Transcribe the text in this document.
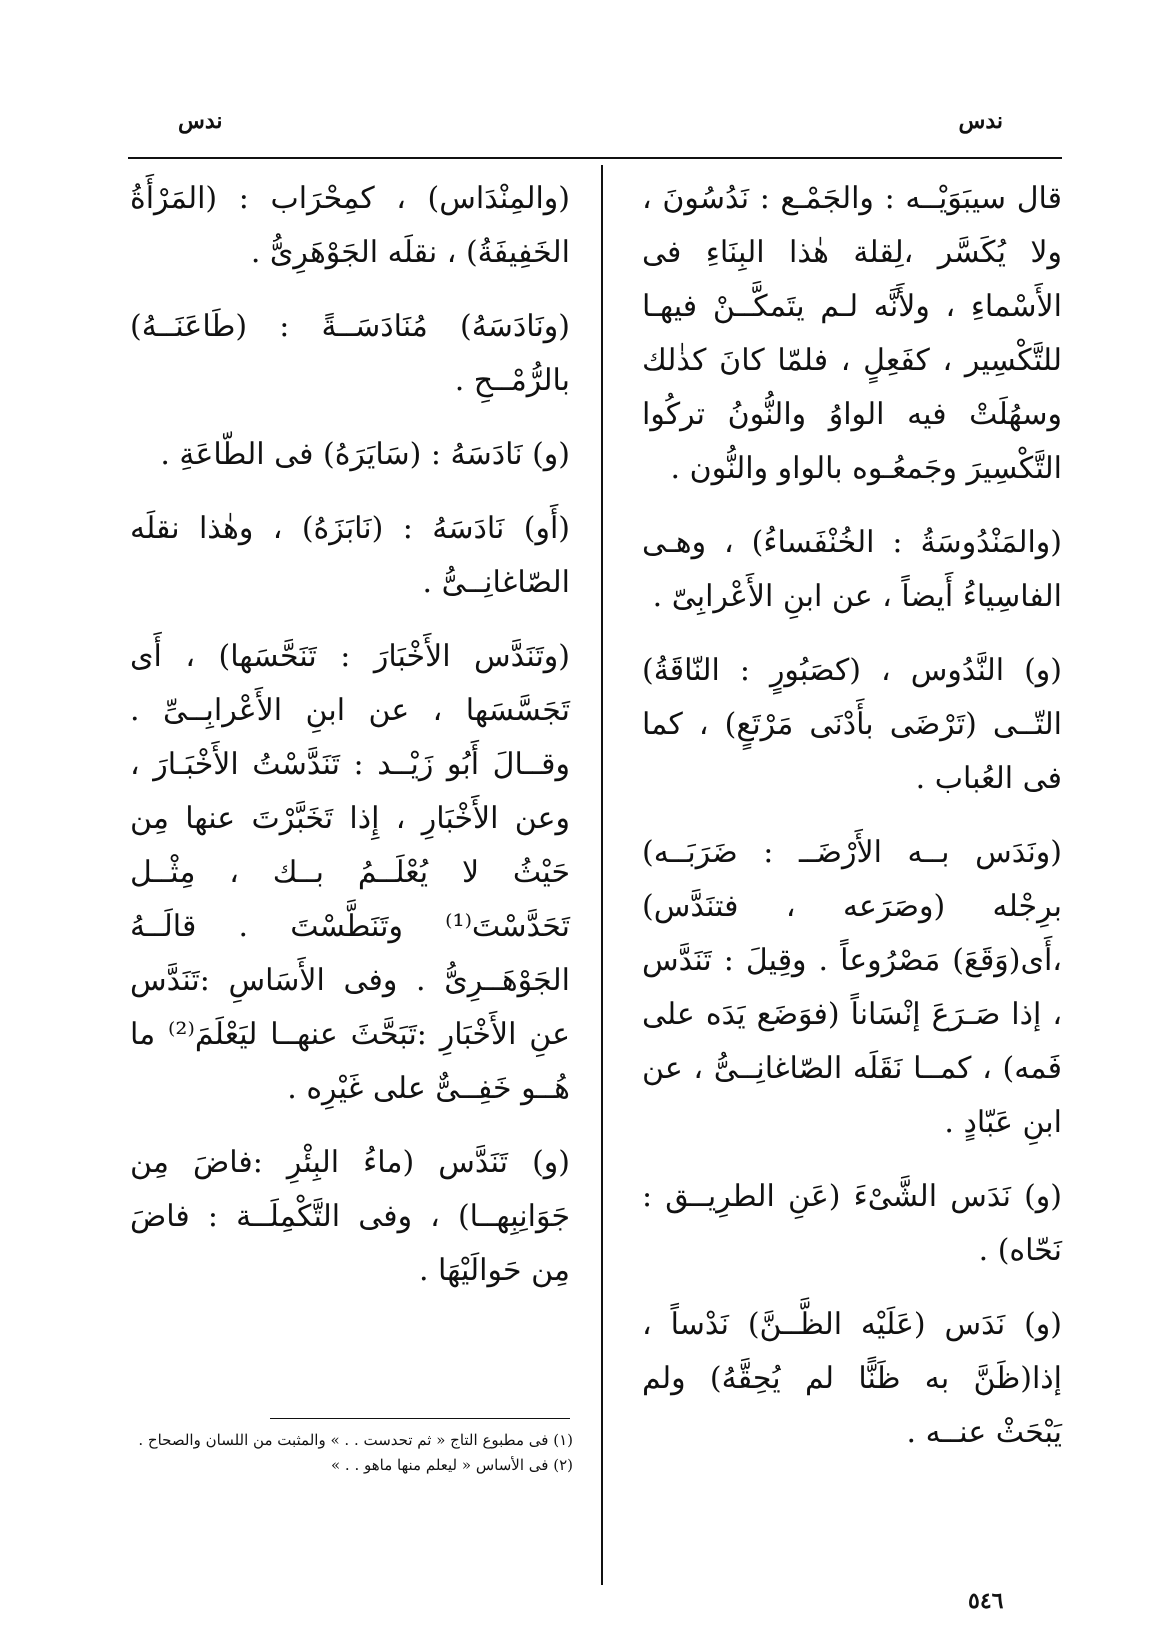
ندس
ندس

قال سيبَوَيْــه : والجَمْـع : نَدُسُونَ ، ولا يُكَسَّر ،لِقلة هٰذا البِنَاءِ فى الأَسْماءِ ، ولأَنَّه لـم يتَمكَّــنْ فيهـا للتَّكْسِير ، كفَعِلٍ ، فلمّا كانَ كذٰلك وسهُلَتْ فيه الواوُ والنُّونُ تركُوا التَّكْسِيرَ وجَمعُـوه بالواو والنُّون .

(والمَنْدُوسَةُ : الخُنْفَساءُ) ، وهـى الفاسِياءُ أَيضاً ، عن ابنِ الأَعْرابِىّ .

(و) النَّدُوس ، (كصَبُورٍ : النّاقَةُ) التّــى (تَرْضَى بأَدْنَى مَرْتَعٍ) ، كما فى العُباب .

(ونَدَس بــه الأَرْضَــ : ضَرَبَــه) برِجْله (وصَرَعه ، فتنَدَّس) ،أَى(وَقَعَ) مَصْرُوعاً . وقِيلَ : تَنَدَّس ، إذا صَـرَعَ إنْسَاناً (فوَضَع يَدَه على فَمه) ، كمــا نَقَلَه الصّاغانِــىُّ ، عن ابنِ عَبّادٍ .

(و) نَدَس الشَّىْءَ (عَنِ الطرِيــق : نَحّاه) .

(و) نَدَس (عَلَيْه الظَّــنَّ) نَدْساً ، إذا(ظَنَّ به ظَنًّا لم يُحِقَّهُ) ولم يَبْحَثْ عنــه .

(والمِنْدَاس) ، كمِحْرَاب : (المَرْأَةُ الخَفِيفَةُ) ، نقلَه الجَوْهَرِىُّ .

(ونَادَسَهُ) مُنَادَسَــةً : (طَاعَنَــهُ) بالرُّمْــحِ .

(و) نَادَسَهُ : (سَايَرَهُ) فى الطّاعَةِ .

(أَو) نَادَسَهُ : (نَابَزَهُ) ، وهٰذا نقلَه الصّاغانِــىُّ .

(وتَنَدَّس الأَخْبَارَ : تَنَحَّسَها) ، أَى تَجَسَّسَها ، عن ابنِ الأَعْرابِــىِّ . وقــالَ أَبُو زَيْــد : تَنَدَّسْتُ الأَخْبَـارَ ، وعن الأَخْبَارِ ، إِذا تَخَبَّرْتَ عنها مِن حَيْثُ لا يُعْلَــمُ بــك ، مِثْــل تَحَدَّسْتَ⁽¹⁾ وتَنَطَّسْتَ . قالَــهُ الجَوْهَــرِىُّ . وفى الأَسَاسِ :تَنَدَّس عنِ الأَخْبَارِ :تَبَحَّثَ عنهــا ليَعْلَمَ⁽²⁾ ما هُــو خَفِــىٌّ على غَيْرِه .

(و) تَنَدَّس (ماءُ البِئْرِ :فاضَ مِن جَوَانِبِهــا) ، وفى التَّكْمِلَــة : فاضَ مِن حَوالَيْهَا .

(١) فى مطبوع التاج « ثم تحدست . . » والمثبت من اللسان والصحاح .

(٢) فى الأساس « ليعلم منها ماهو . . »

٥٤٦
